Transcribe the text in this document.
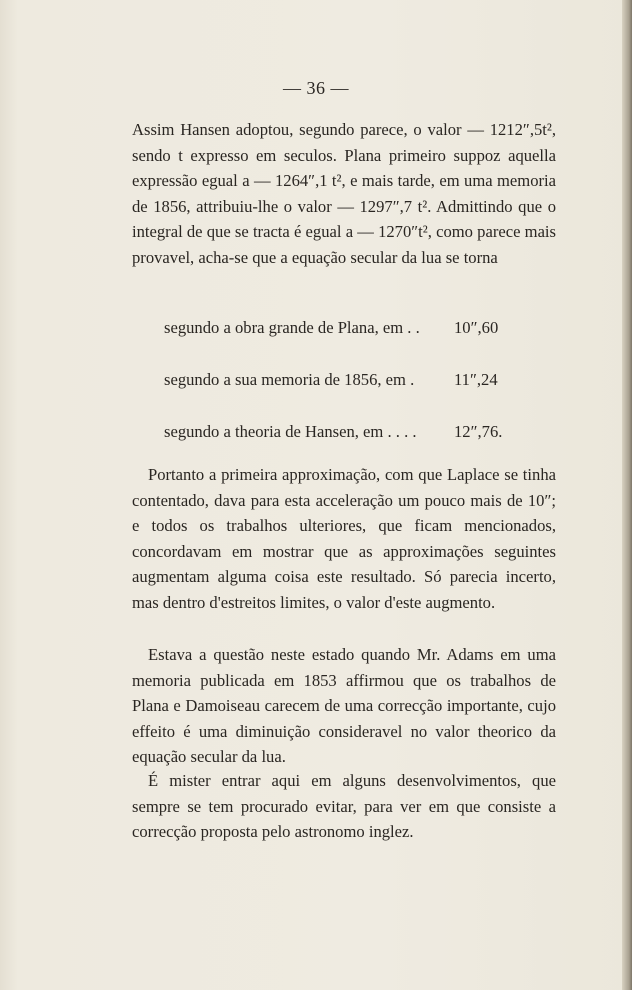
— 36 —
Assim Hansen adoptou, segundo parece, o valor — 1212″,5t², sendo t expresso em seculos. Plana primeiro suppoz aquella expressão egual a — 1264″,1 t², e mais tarde, em uma memoria de 1856, attribuiu-lhe o valor — 1297″,7 t². Admittindo que o integral de que se tracta é egual a — 1270″t², como parece mais provavel, acha-se que a equação secular da lua se torna
segundo a obra grande de Plana, em . . 10″,60
segundo a sua memoria de 1856, em . 11″,24
segundo a theoria de Hansen, em . . . . 12″,76.
Portanto a primeira approximação, com que Laplace se tinha contentado, dava para esta acceleração um pouco mais de 10″; e todos os trabalhos ulteriores, que ficam mencionados, concordavam em mostrar que as approximações seguintes augmentam alguma coisa este resultado. Só parecia incerto, mas dentro d'estreitos limites, o valor d'este augmento.
Estava a questão neste estado quando Mr. Adams em uma memoria publicada em 1853 affirmou que os trabalhos de Plana e Damoiseau carecem de uma correcção importante, cujo effeito é uma diminuição consideravel no valor theorico da equação secular da lua.
É mister entrar aqui em alguns desenvolvimentos, que sempre se tem procurado evitar, para ver em que consiste a correcção proposta pelo astronomo inglez.
